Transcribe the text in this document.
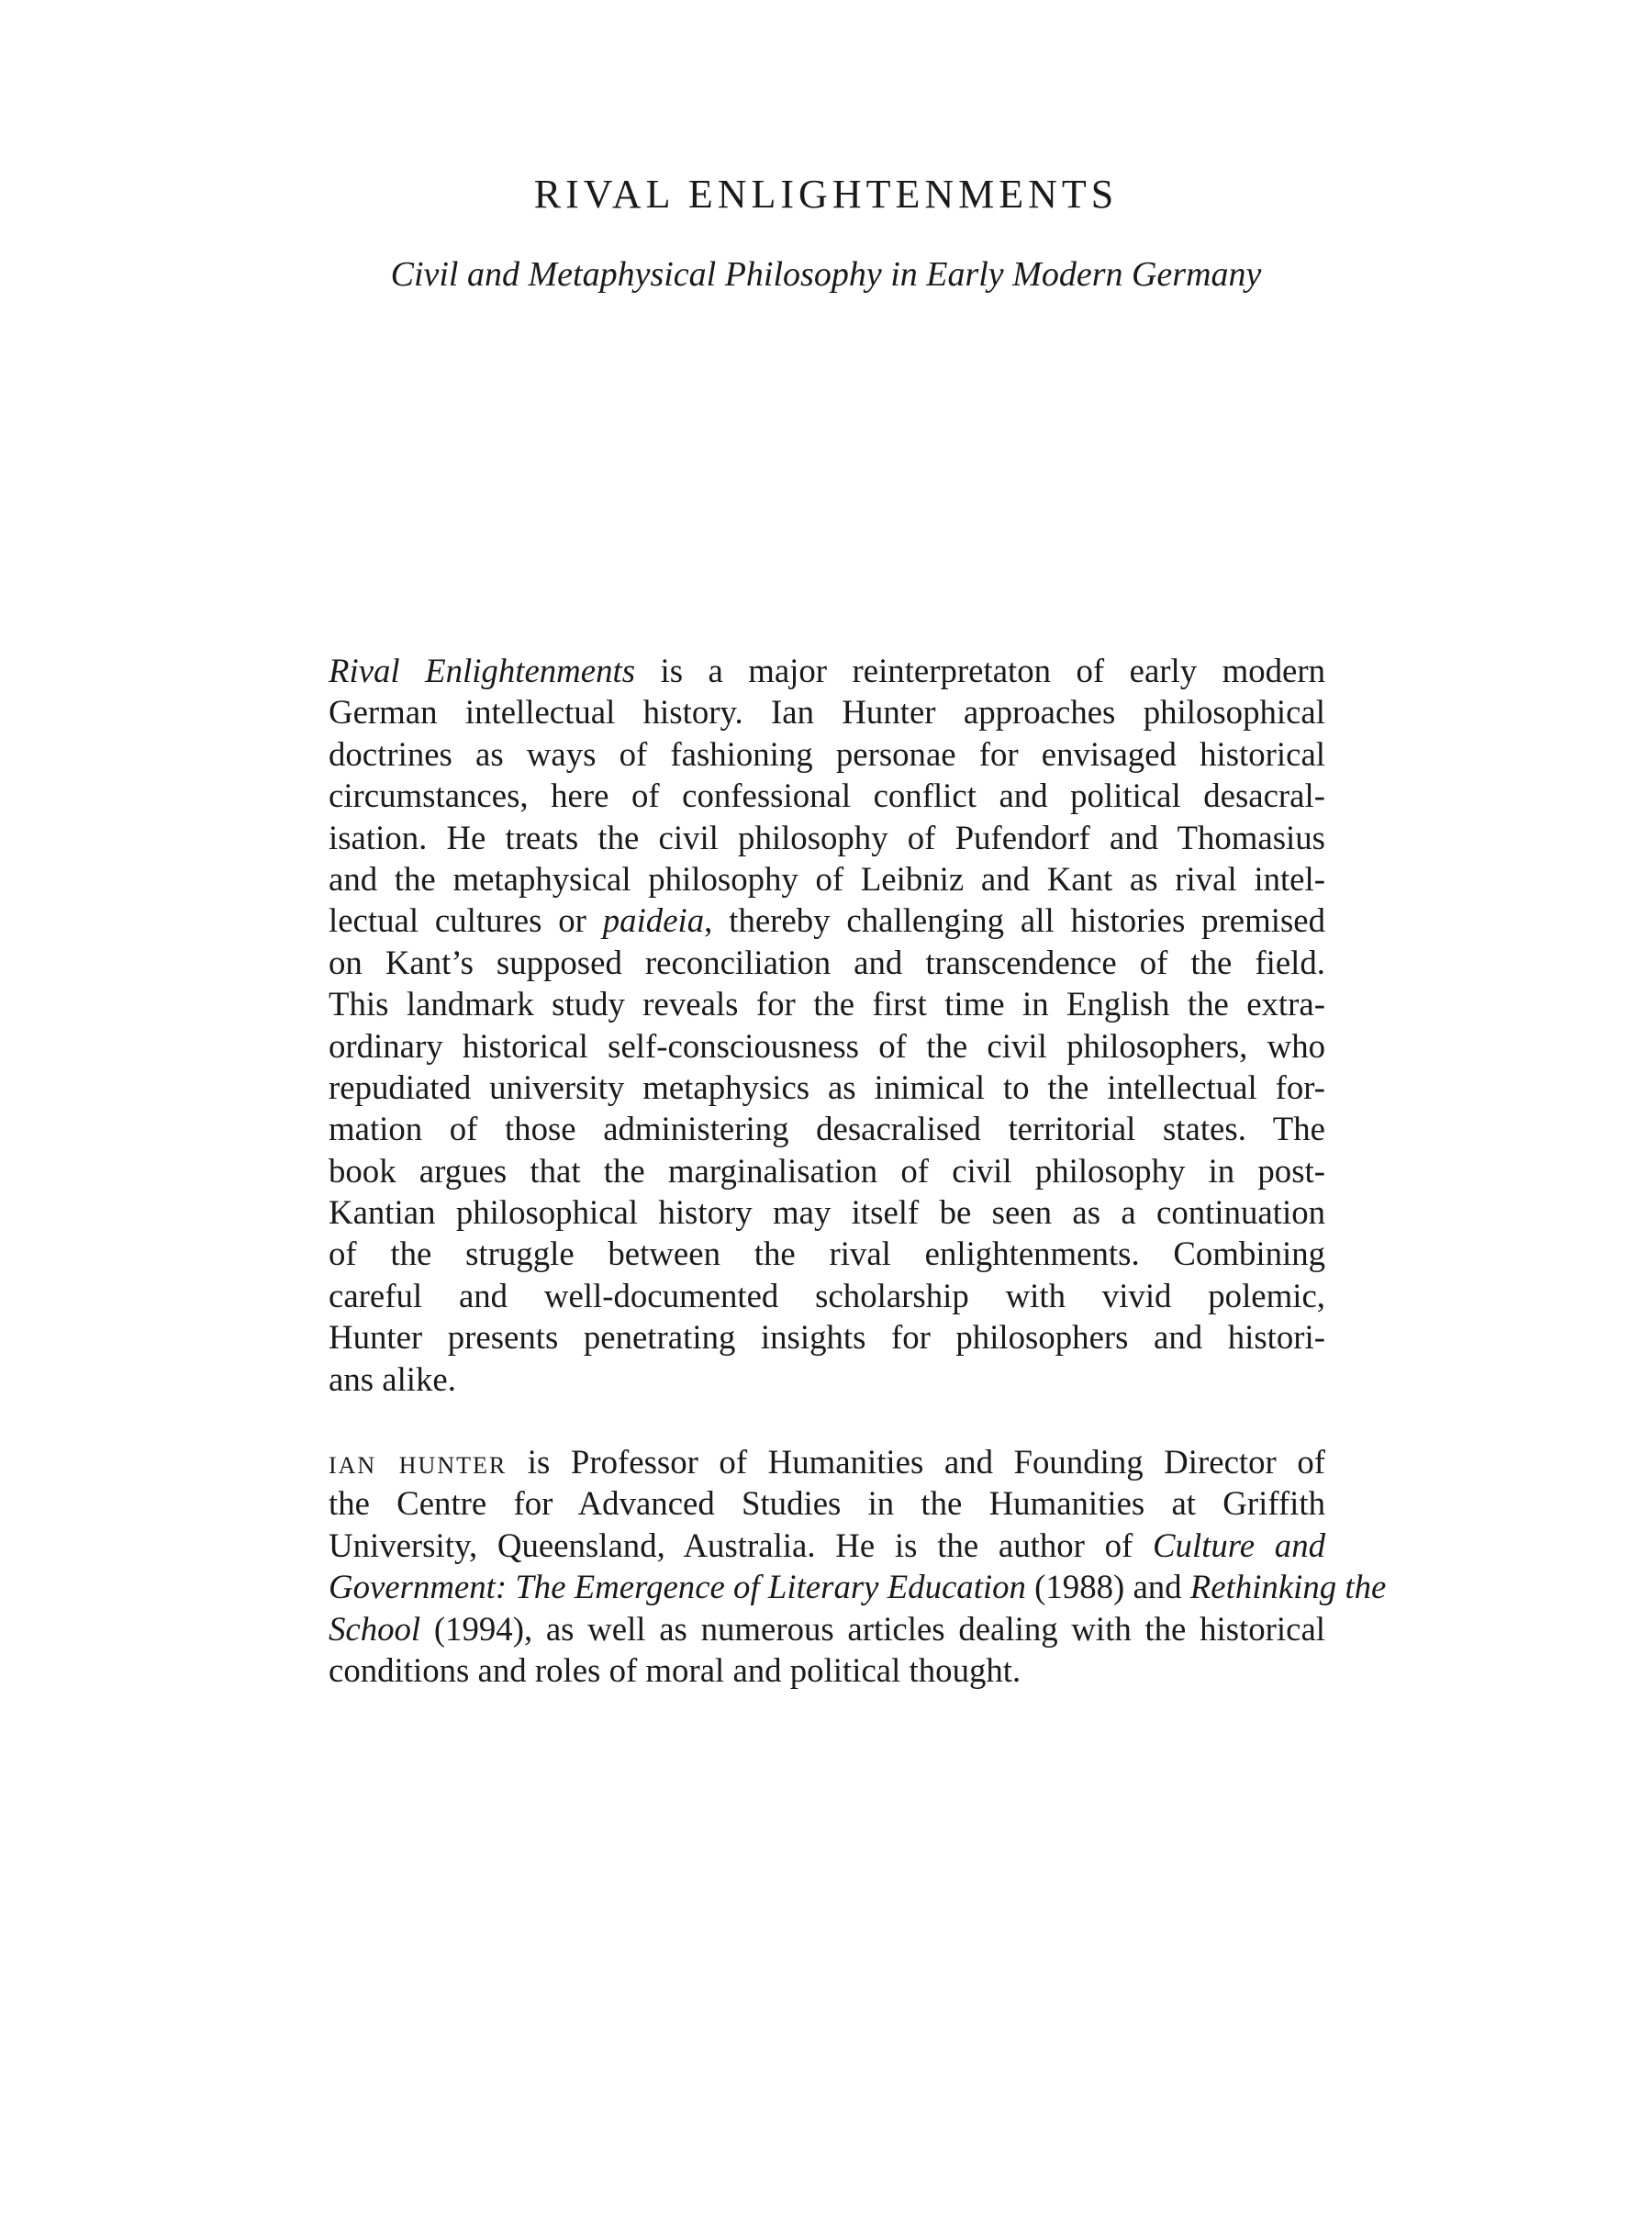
RIVAL ENLIGHTENMENTS
Civil and Metaphysical Philosophy in Early Modern Germany
Rival Enlightenments is a major reinterpretaton of early modern
German intellectual history. Ian Hunter approaches philosophical
doctrines as ways of fashioning personae for envisaged historical
circumstances, here of confessional conflict and political desacral-
isation. He treats the civil philosophy of Pufendorf and Thomasius
and the metaphysical philosophy of Leibniz and Kant as rival intel-
lectual cultures or paideia, thereby challenging all histories premised
on Kant’s supposed reconciliation and transcendence of the field.
This landmark study reveals for the first time in English the extra-
ordinary historical self-consciousness of the civil philosophers, who
repudiated university metaphysics as inimical to the intellectual for-
mation of those administering desacralised territorial states. The
book argues that the marginalisation of civil philosophy in post-
Kantian philosophical history may itself be seen as a continuation
of the struggle between the rival enlightenments. Combining
careful and well-documented scholarship with vivid polemic,
Hunter presents penetrating insights for philosophers and histori-
ans alike.
ian hunter is Professor of Humanities and Founding Director of
the Centre for Advanced Studies in the Humanities at Griffith
University, Queensland, Australia. He is the author of Culture and
Government: The Emergence of Literary Education (1988) and Rethinking the
School (1994), as well as numerous articles dealing with the historical
conditions and roles of moral and political thought.
